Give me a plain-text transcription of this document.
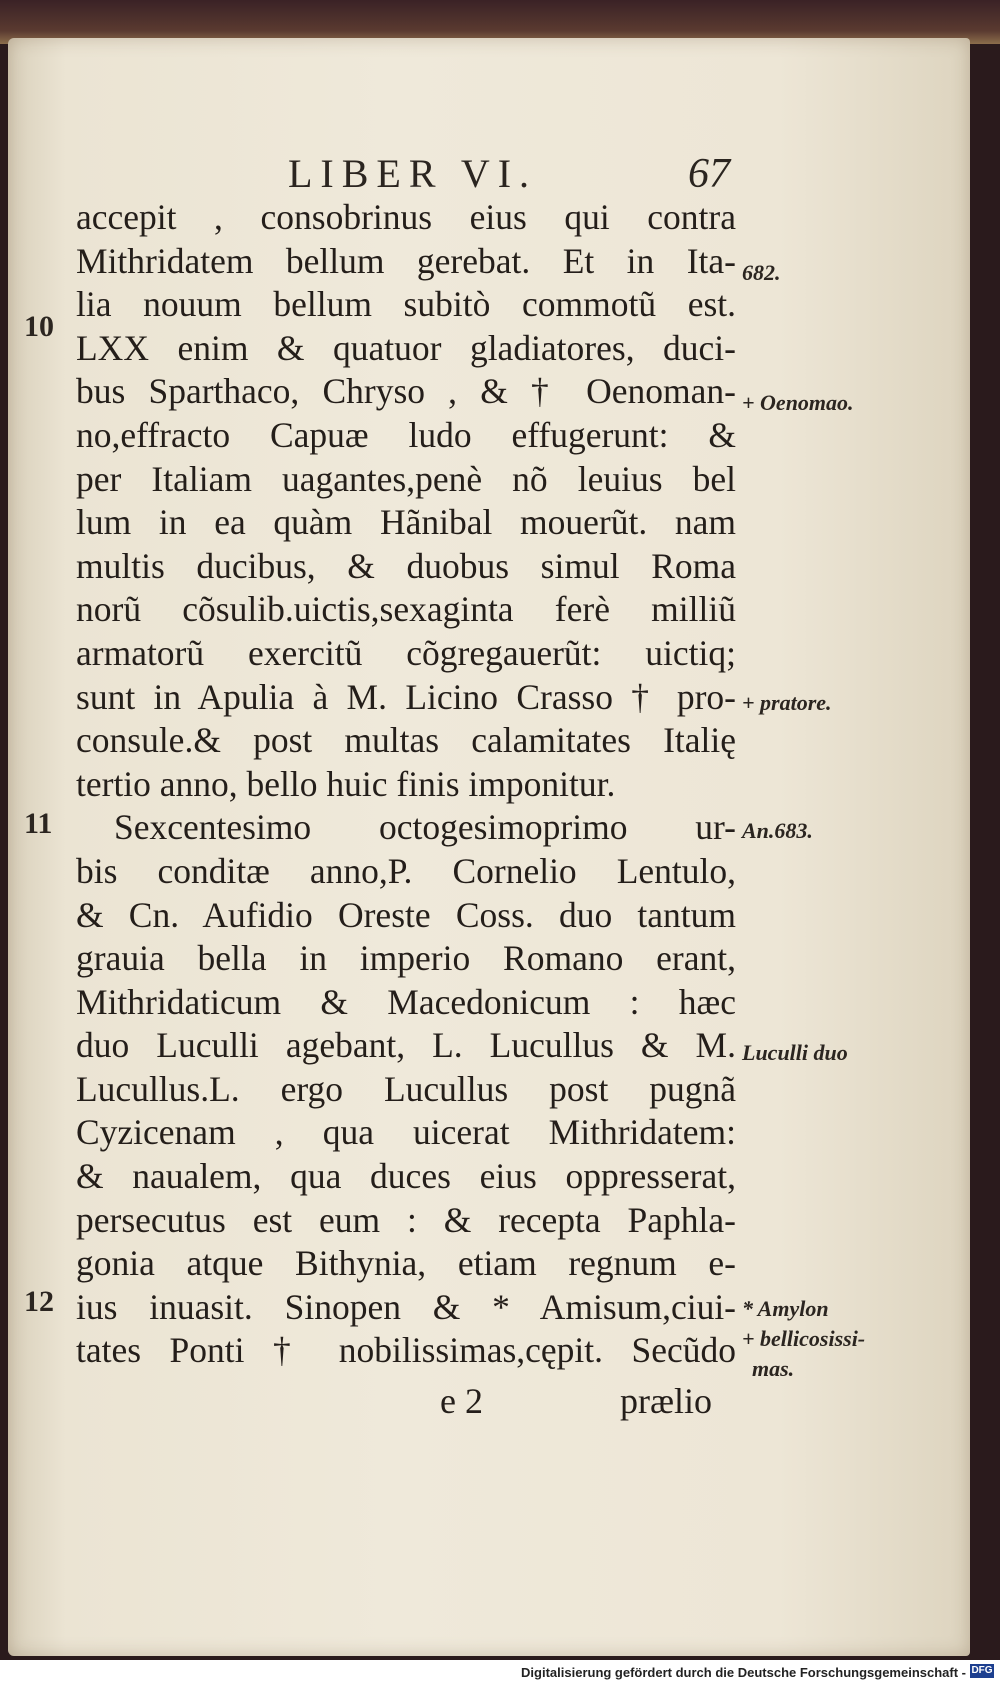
LIBER VI.	67
accepit , consobrinus eius qui contra
Mithridatem bellum gerebat. Et in Ita-
lia nouum bellum subitò commotũ est.
LXX enim & quatuor gladiatores, duci-
bus Sparthaco, Chryso , & † Oenoman-
no,effracto Capuæ ludo effugerunt: &
per Italiam uagantes,penè nõ leuius bel
lum in ea quàm Hãnibal mouerũt. nam
multis ducibus, & duobus simul Roma
norũ cõsulib.uictis,sexaginta ferè milliũ
armatorũ exercitũ cõgregauerũt: uictiq;
sunt in Apulia à M. Licino Crasso † pro-
consule.& post multas calamitates Italię
tertio anno, bello huic finis imponitur.
Sexcentesimo octogesimoprimo ur-
bis conditæ anno,P. Cornelio Lentulo,
& Cn. Aufidio Oreste Coss. duo tantum
grauia bella in imperio Romano erant,
Mithridaticum & Macedonicum : hæc
duo Luculli agebant, L. Lucullus & M.
Lucullus.L. ergo Lucullus post pugnã
Cyzicenam , qua uicerat Mithridatem:
& naualem, qua duces eius oppresserat,
persecutus est eum : & recepta Paphla-
gonia atque Bithynia, etiam regnum e-
ius inuasit. Sinopen & * Amisum,ciui-
tates Ponti † nobilissimas,cępit. Secũdo
10
11
12
682.
+ Oenomao.
+ pratore.
An.683.
Luculli duo
* Amylon
+ bellicosissi-
mas.
e 2	prælio
Digitalisierung gefördert durch die Deutsche Forschungsgemeinschaft - DFG
